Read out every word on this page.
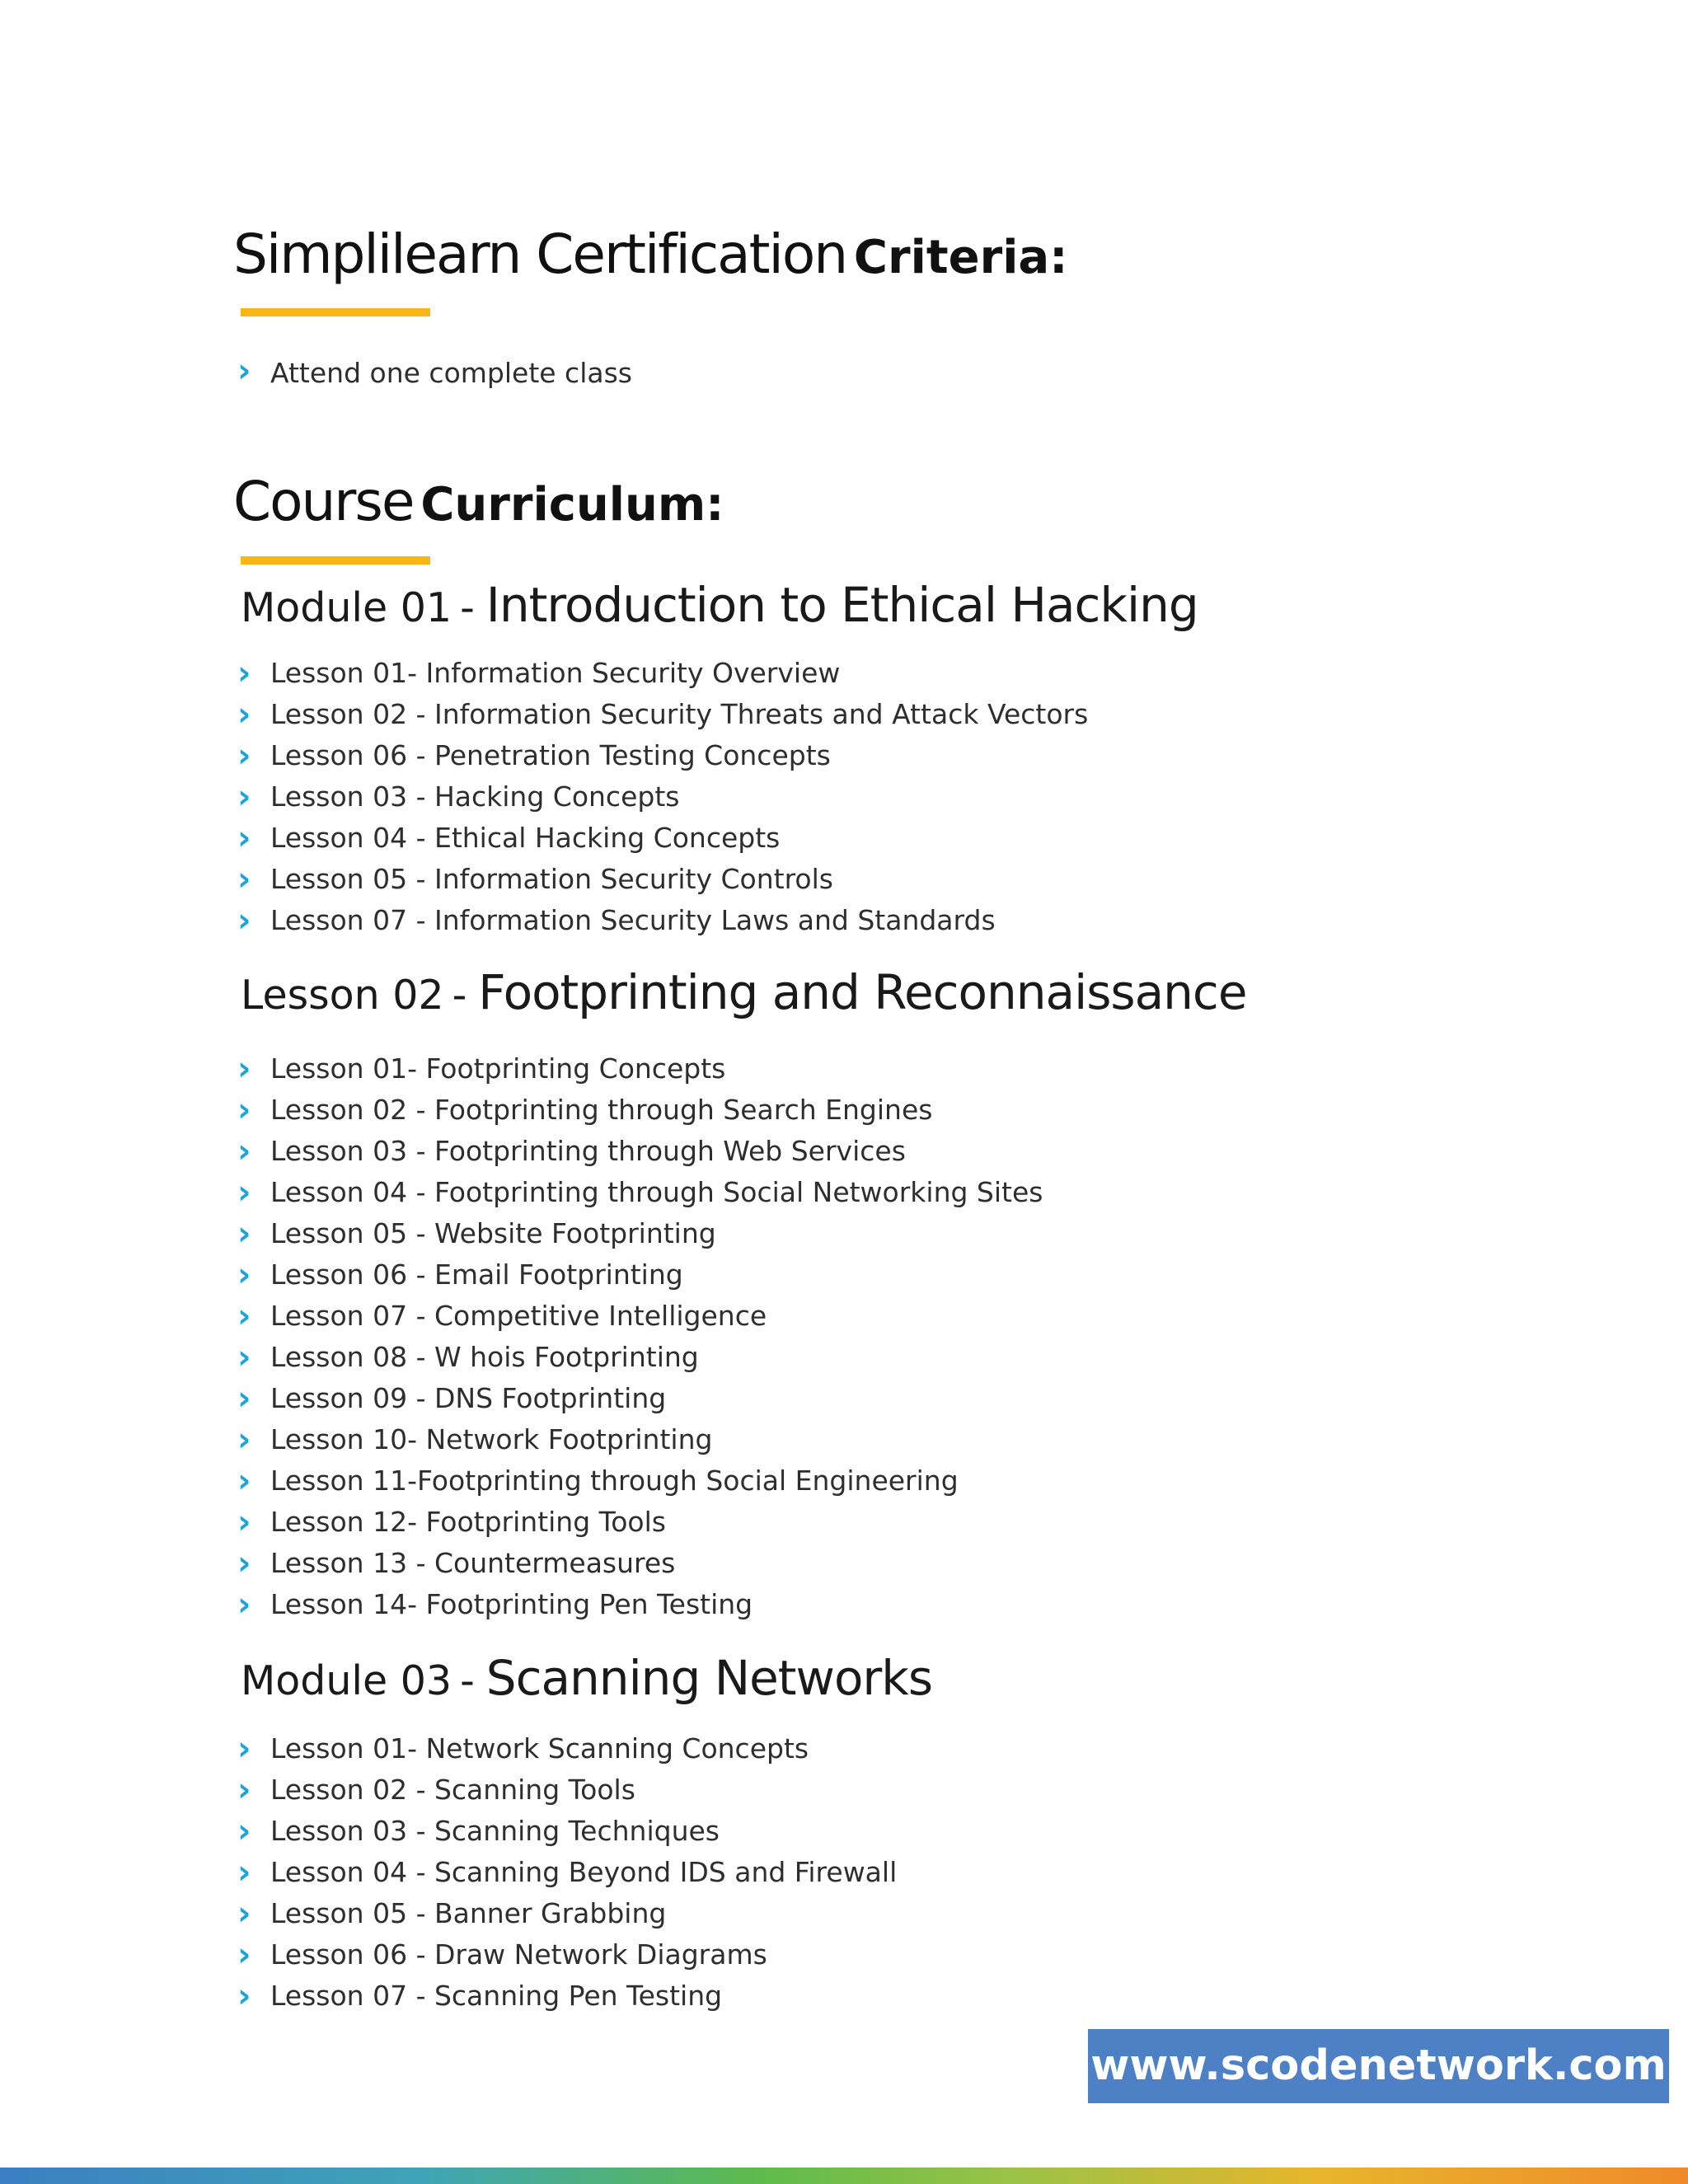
Simplilearn Certification Criteria:
› Attend one complete class
Course Curriculum:
Module 01 - Introduction to Ethical Hacking
› Lesson 01- Information Security Overview
› Lesson 02 - Information Security Threats and Attack Vectors
› Lesson 06 - Penetration Testing Concepts
› Lesson 03 - Hacking Concepts
› Lesson 04 - Ethical Hacking Concepts
› Lesson 05 - Information Security Controls
› Lesson 07 - Information Security Laws and Standards
Lesson 02 - Footprinting and Reconnaissance
› Lesson 01- Footprinting Concepts
› Lesson 02 - Footprinting through Search Engines
› Lesson 03 - Footprinting through Web Services
› Lesson 04 - Footprinting through Social Networking Sites
› Lesson 05 - Website Footprinting
› Lesson 06 - Email Footprinting
› Lesson 07 - Competitive Intelligence
› Lesson 08 - W hois Footprinting
› Lesson 09 - DNS Footprinting
› Lesson 10- Network Footprinting
› Lesson 11-Footprinting through Social Engineering
› Lesson 12- Footprinting Tools
› Lesson 13 - Countermeasures
› Lesson 14- Footprinting Pen Testing
Module 03 - Scanning Networks
› Lesson 01- Network Scanning Concepts
› Lesson 02 - Scanning Tools
› Lesson 03 - Scanning Techniques
› Lesson 04 - Scanning Beyond IDS and Firewall
› Lesson 05 - Banner Grabbing
› Lesson 06 - Draw Network Diagrams
› Lesson 07 - Scanning Pen Testing
www.scodenetwork.com
